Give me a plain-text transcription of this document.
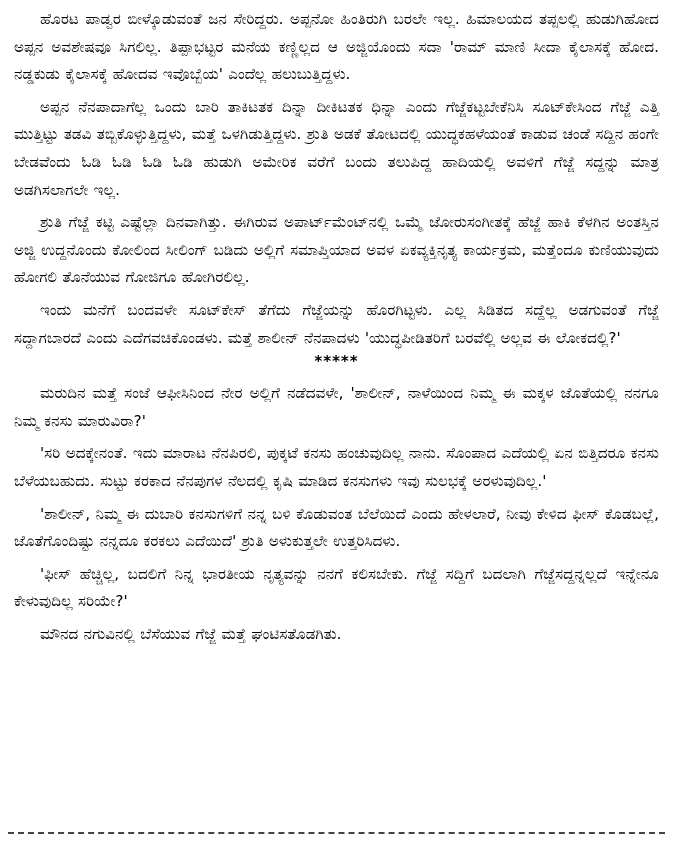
ಹೊರಟ ಪಾಡ್ವರ ಬೀಳ್ಕೊಡುವಂತೆ ಜನ ಸೇರಿದ್ದರು. ಅಪ್ಪನೋ ಹಿಂತಿರುಗಿ ಬರಲೇ ಇಲ್ಲ. ಹಿಮಾಲಯದ ತಪ್ಪಲಲ್ಲಿ ಹುಡುಗಿಹೋದ ಅಪ್ಪನ ಅವಶೇಷವೂ ಸಿಗಲಿಲ್ಲ. ತಿಪ್ಪಾಭಟ್ಟರ ಮನೆಯ ಕಣ್ಣಿಲ್ಲದ ಆ ಅಜ್ಜಿಯೊಂದು ಸದಾ 'ರಾಮ್ ಮಾಣಿ ಸೀದಾ ಕೈಲಾಸಕ್ಕೆ ಹೋದ. ನಡ್ಡಕುಡು ಕೈಲಾಸಕ್ಕೆ ಹೋದವ ಇವೊಬ್ಬೆಯ' ಎಂದೆಲ್ಲ ಹಲುಬುತ್ತಿದ್ದಳು.

ಅಪ್ಪನ ನೆನಪಾದಾಗೆಲ್ಲ ಒಂದು ಬಾರಿ ತಾಕಿಟತಕ ದಿನ್ನಾ ದೀಕಿಟತಕ ಧಿನ್ನಾ ಎಂದು ಗೆಜ್ಜೆಕಟ್ಟಬೇಕೆನಿಸಿ ಸೂಟ್‌ಕೇಸಿಂದ ಗೆಜ್ಜೆ ಎತ್ತಿ ಮುತ್ತಿಟ್ಟು ತಡವಿ ತಬ್ಬಿಕೊಳ್ಳುತ್ತಿದ್ದಳು, ಮತ್ತೆ ಒಳಗಿಡುತ್ತಿದ್ದಳು. ಶ್ರುತಿ ಅಡಕೆ ತೋಟದಲ್ಲಿ ಯುದ್ಧಕಹಳೆಯಂತೆ ಕಾಡುವ ಚಂಡೆ ಸದ್ದಿನ ಹಂಗೇ ಬೇಡವೆಂದು ಓಡಿ ಓಡಿ ಓಡಿ ಓಡಿ ಹುಡುಗಿ ಅಮೇರಿಕ ವರೆಗೆ ಬಂದು ತಲುಪಿದ್ದ ಹಾದಿಯಲ್ಲಿ ಅವಳಿಗೆ ಗೆಜ್ಜೆ ಸದ್ದನ್ನು ಮಾತ್ರ ಅಡಗಿಸಲಾಗಲೇ ಇಲ್ಲ.

ಶ್ರುತಿ ಗೆಜ್ಜೆ ಕಟ್ಟಿ ಎಷ್ಟೆಲ್ಲಾ ದಿನವಾಗಿತ್ತು. ಈಗಿರುವ ಅಪಾರ್ಟ್‌ಮೆಂಟ್‌ನಲ್ಲಿ ಒಮ್ಮೆ ಜೋರುಸಂಗೀತಕ್ಕೆ ಹೆಜ್ಜೆ ಹಾಕಿ ಕೆಳಗಿನ ಅಂತಸ್ತಿನ ಅಜ್ಜಿ ಉದ್ದನೊಂದು ಕೋಲಿಂದ ಸೀಲಿಂಗ್ ಬಡಿದು ಅಲ್ಲಿಗೆ ಸಮಾಪ್ತಿಯಾದ ಅವಳ ಏಕವ್ಯಕ್ತಿನೃತ್ಯ ಕಾರ್ಯಕ್ರಮ, ಮತ್ತೆಂದೂ ಕುಣಿಯುವುದು ಹೋಗಲಿ ತೊನೆಯುವ ಗೋಜಿಗೂ ಹೋಗಿರಲಿಲ್ಲ.

ಇಂದು ಮನೆಗೆ ಬಂದವಳೇ ಸೂಟ್‌ಕೇಸ್ ತೆಗೆದು ಗೆಜ್ಜೆಯನ್ನು ಹೊರಗಿಟ್ಟಳು. ಎಲ್ಲ ಸಿಡಿತದ ಸದ್ದೆಲ್ಲ ಅಡಗುವಂತೆ ಗೆಜ್ಜೆ ಸದ್ದಾಗಬಾರದೆ ಎಂದು ಎದೆಗವಚಿಕೊಂಡಳು. ಮತ್ತೆ ಶಾಲೀನ್ ನೆನಪಾದಳು 'ಯುದ್ಧಪೀಡಿತರಿಗೆ ಬರವೆಲ್ಲಿ ಅಲ್ಲವ ಈ ಲೋಕದಲ್ಲಿ?'

*****

ಮರುದಿನ ಮತ್ತೆ ಸಂಜೆ ಆಫೀಸಿನಿಂದ ನೇರ ಅಲ್ಲಿಗೆ ನಡೆದವಳೇ, 'ಶಾಲೀನ್, ನಾಳೆಯಿಂದ ನಿಮ್ಮ ಈ ಮಕ್ಕಳ ಜೊತೆಯಲ್ಲಿ ನನಗೂ ನಿಮ್ಮ ಕನಸು ಮಾರುವಿರಾ?'

'ಸರಿ ಅದಕ್ಕೇನಂತೆ. ಇದು ಮಾರಾಟ ನೆನಪಿರಲಿ, ಪುಕ್ಕಟೆ ಕನಸು ಹಂಚುವುದಿಲ್ಲ ನಾನು. ಸೊಂಪಾದ ಎದೆಯಲ್ಲಿ ಏನ ಬಿತ್ತಿದರೂ ಕನಸು ಬೆಳೆಯಬಹುದು. ಸುಟ್ಟು ಕರಕಾದ ನೆನಪುಗಳ ನೆಲದಲ್ಲಿ ಕೃಷಿ ಮಾಡಿದ ಕನಸುಗಳು ಇವು ಸುಲಭಕ್ಕೆ ಅರಳುವುದಿಲ್ಲ.'

'ಶಾಲೀನ್, ನಿಮ್ಮ ಈ ದುಬಾರಿ ಕನಸುಗಳಿಗೆ ನನ್ನ ಬಳಿ ಕೊಡುವಂತ ಬೆಲೆಯಿದೆ ಎಂದು ಹೇಳಲಾರೆ, ನೀವು ಕೇಳಿದ ಫೀಸ್ ಕೊಡಬಲ್ಲೆ, ಜೊತೆಗೊಂದಿಷ್ಟು ನನ್ನದೂ ಕರಕಲು ಎದೆಯಿದೆ' ಶ್ರುತಿ ಅಳುಕುತ್ತಲೇ ಉತ್ತರಿಸಿದಳು.

'ಫೀಸ್ ಹೆಚ್ಚಿಲ್ಲ, ಬದಲಿಗೆ ನಿನ್ನ ಭಾರತೀಯ ನೃತ್ಯವನ್ನು ನನಗೆ ಕಲಿಸಬೇಕು. ಗೆಜ್ಜೆ ಸದ್ದಿಗೆ ಬದಲಾಗಿ ಗೆಜ್ಜೆಸದ್ದನ್ನಲ್ಲದೆ ಇನ್ನೇನೂ ಕೇಳುವುದಿಲ್ಲ ಸರಿಯೇ?'

ಮೌನದ ನಗುವಿನಲ್ಲಿ ಬೆಸೆಯುವ ಗೆಜ್ಜೆ ಮತ್ತೆ ಘಂಟಿಸತೊಡಗಿತು.
